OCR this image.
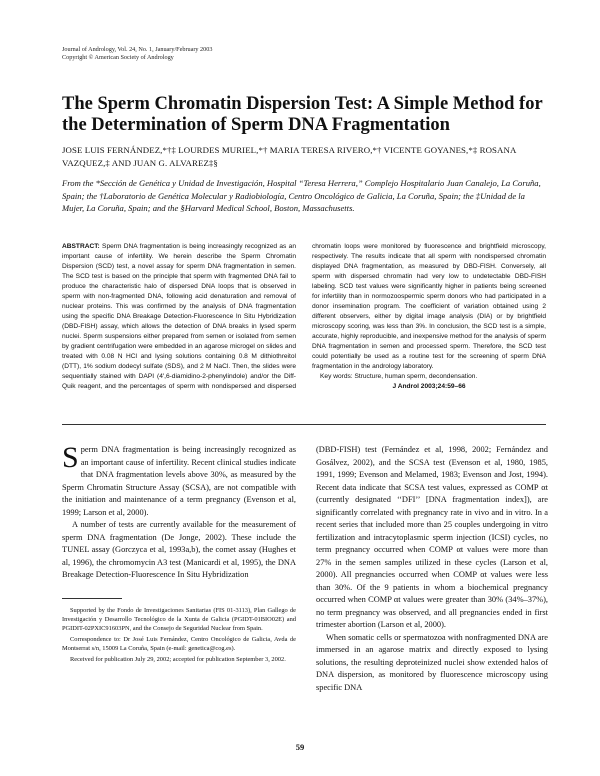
Journal of Andrology, Vol. 24, No. 1, January/February 2003
Copyright © American Society of Andrology
The Sperm Chromatin Dispersion Test: A Simple Method for the Determination of Sperm DNA Fragmentation
JOSE LUIS FERNÁNDEZ,*†‡ LOURDES MURIEL,*† MARIA TERESA RIVERO,*† VICENTE GOYANES,*‡ ROSANA VAZQUEZ,‡ AND JUAN G. ALVAREZ‡§
From the *Sección de Genética y Unidad de Investigación, Hospital “Teresa Herrera,” Complejo Hospitalario Juan Canalejo, La Coruña, Spain; the †Laboratorio de Genética Molecular y Radiobiología, Centro Oncológico de Galicia, La Coruña, Spain; the ‡Unidad de la Mujer, La Coruña, Spain; and the §Harvard Medical School, Boston, Massachusetts.

ABSTRACT: Sperm DNA fragmentation is being increasingly recognized as an important cause of infertility. We herein describe the Sperm Chromatin Dispersion (SCD) test, a novel assay for sperm DNA fragmentation in semen. The SCD test is based on the principle that sperm with fragmented DNA fail to produce the characteristic halo of dispersed DNA loops that is observed in sperm with non-fragmented DNA, following acid denaturation and removal of nuclear proteins. This was confirmed by the analysis of DNA fragmentation using the specific DNA Breakage Detection-Fluorescence In Situ Hybridization (DBD-FISH) assay, which allows the detection of DNA breaks in lysed sperm nuclei. Sperm suspensions either prepared from semen or isolated from semen by gradient centrifugation were embedded in an agarose microgel on slides and treated with 0.08 N HCl and lysing solutions containing 0.8 M dithiothreitol (DTT), 1% sodium dodecyl sulfate (SDS), and 2 M NaCl. Then, the slides were sequentially stained with DAPI (4′,6-diamidino-2-phenylindole) and/or the Diff-Quik reagent, and the percentages of sperm with nondispersed and dispersed chromatin loops were monitored by fluorescence and brightfield microscopy, respectively. The results indicate that all sperm with nondispersed chromatin displayed DNA fragmentation, as measured by DBD-FISH. Conversely, all sperm with dispersed chromatin had very low to undetectable DBD-FISH labeling. SCD test values were significantly higher in patients being screened for infertility than in normozoospermic sperm donors who had participated in a donor insemination program. The coefficient of variation obtained using 2 different observers, either by digital image analysis (DIA) or by brightfield microscopy scoring, was less than 3%. In conclusion, the SCD test is a simple, accurate, highly reproducible, and inexpensive method for the analysis of sperm DNA fragmentation in semen and processed sperm. Therefore, the SCD test could potentially be used as a routine test for the screening of sperm DNA fragmentation in the andrology laboratory.

Key words: Structure, human sperm, decondensation.

J Androl 2003;24:59–66

Sperm DNA fragmentation is being increasingly recognized as an important cause of infertility. Recent clinical studies indicate that DNA fragmentation levels above 30%, as measured by the Sperm Chromatin Structure Assay (SCSA), are not compatible with the initiation and maintenance of a term pregnancy (Evenson et al, 1999; Larson et al, 2000).

A number of tests are currently available for the measurement of sperm DNA fragmentation (De Jonge, 2002). These include the TUNEL assay (Gorczyca et al, 1993a,b), the comet assay (Hughes et al, 1996), the chromomycin A3 test (Manicardi et al, 1995), the DNA Breakage Detection-Fluorescence In Situ Hybridization

Supported by the Fondo de Investigaciones Sanitarias (FIS 01-3113), Plan Gallego de Investigación y Desarrollo Tecnológico de la Xunta de Galicia (PGIDT-01BIO02E) and PGIDIT-02PXIC91603PN, and the Consejo de Seguridad Nuclear from Spain.

Correspondence to: Dr José Luis Fernández, Centro Oncológico de Galicia, Avda de Montserrat s/n, 15009 La Coruña, Spain (e-mail: genetica@cog.es).

Received for publication July 29, 2002; accepted for publication September 3, 2002.

(DBD-FISH) test (Fernández et al, 1998, 2002; Fernández and Gosálvez, 2002), and the SCSA test (Evenson et al, 1980, 1985, 1991, 1999; Evenson and Melamed, 1983; Evenson and Jost, 1994). Recent data indicate that SCSA test values, expressed as COMP αt (currently designated ‘‘DFI’’ [DNA fragmentation index]), are significantly correlated with pregnancy rate in vivo and in vitro. In a recent series that included more than 25 couples undergoing in vitro fertilization and intracytoplasmic sperm injection (ICSI) cycles, no term pregnancy occurred when COMP αt values were more than 27% in the semen samples utilized in these cycles (Larson et al, 2000). All pregnancies occurred when COMP αt values were less than 30%. Of the 9 patients in whom a biochemical pregnancy occurred when COMP αt values were greater than 30% (34%–37%), no term pregnancy was observed, and all pregnancies ended in first trimester abortion (Larson et al, 2000).

When somatic cells or spermatozoa with nonfragmented DNA are immersed in an agarose matrix and directly exposed to lysing solutions, the resulting deproteinized nuclei show extended halos of DNA dispersion, as monitored by fluorescence microscopy using specific DNA

59
